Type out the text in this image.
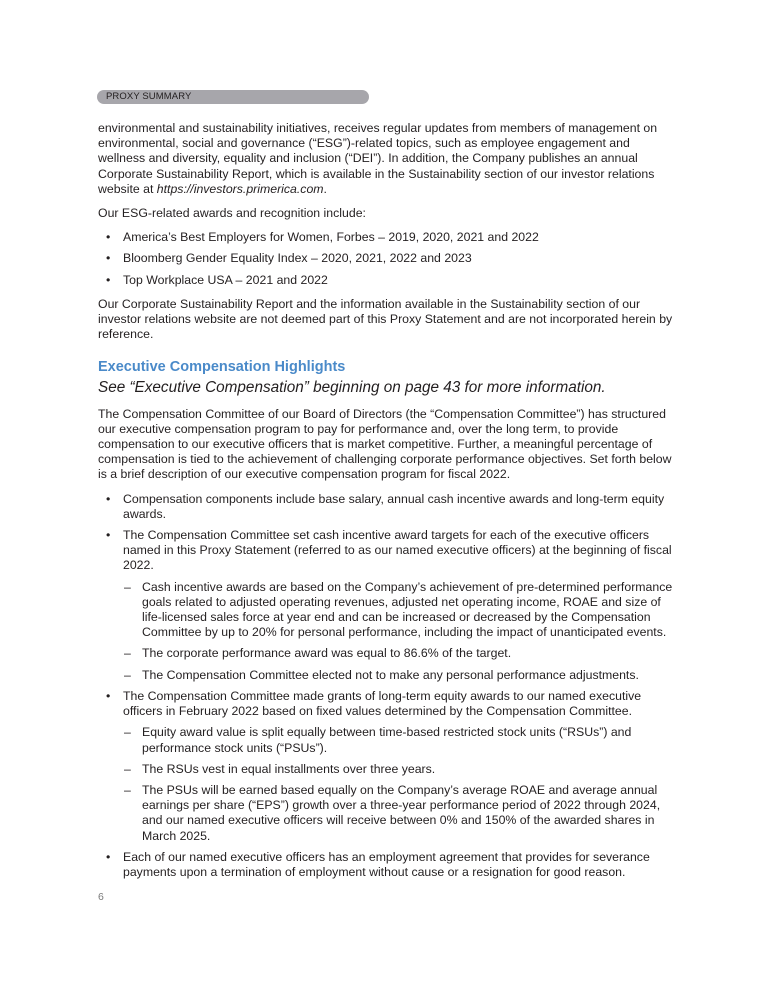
PROXY SUMMARY

environmental and sustainability initiatives, receives regular updates from members of management on environmental, social and governance (“ESG”)-related topics, such as employee engagement and wellness and diversity, equality and inclusion (“DEI”). In addition, the Company publishes an annual Corporate Sustainability Report, which is available in the Sustainability section of our investor relations website at https://investors.primerica.com.

Our ESG-related awards and recognition include:

• America’s Best Employers for Women, Forbes – 2019, 2020, 2021 and 2022
• Bloomberg Gender Equality Index – 2020, 2021, 2022 and 2023
• Top Workplace USA – 2021 and 2022

Our Corporate Sustainability Report and the information available in the Sustainability section of our investor relations website are not deemed part of this Proxy Statement and are not incorporated herein by reference.

Executive Compensation Highlights
See “Executive Compensation” beginning on page 43 for more information.

The Compensation Committee of our Board of Directors (the “Compensation Committee”) has structured our executive compensation program to pay for performance and, over the long term, to provide compensation to our executive officers that is market competitive. Further, a meaningful percentage of compensation is tied to the achievement of challenging corporate performance objectives. Set forth below is a brief description of our executive compensation program for fiscal 2022.

• Compensation components include base salary, annual cash incentive awards and long-term equity awards.
• The Compensation Committee set cash incentive award targets for each of the executive officers named in this Proxy Statement (referred to as our named executive officers) at the beginning of fiscal 2022.
– Cash incentive awards are based on the Company’s achievement of pre-determined performance goals related to adjusted operating revenues, adjusted net operating income, ROAE and size of life-licensed sales force at year end and can be increased or decreased by the Compensation Committee by up to 20% for personal performance, including the impact of unanticipated events.
– The corporate performance award was equal to 86.6% of the target.
– The Compensation Committee elected not to make any personal performance adjustments.
• The Compensation Committee made grants of long-term equity awards to our named executive officers in February 2022 based on fixed values determined by the Compensation Committee.
– Equity award value is split equally between time-based restricted stock units (“RSUs”) and performance stock units (“PSUs”).
– The RSUs vest in equal installments over three years.
– The PSUs will be earned based equally on the Company’s average ROAE and average annual earnings per share (“EPS”) growth over a three-year performance period of 2022 through 2024, and our named executive officers will receive between 0% and 150% of the awarded shares in March 2025.
• Each of our named executive officers has an employment agreement that provides for severance payments upon a termination of employment without cause or a resignation for good reason.
6
